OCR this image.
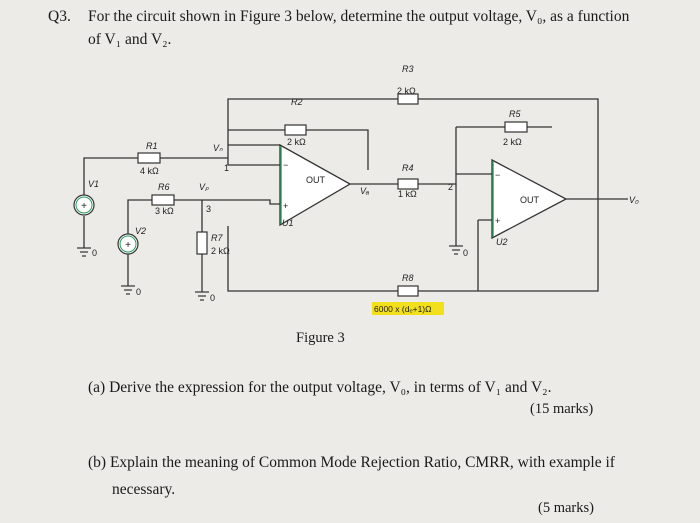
Q3. For the circuit shown in Figure 3 below, determine the output voltage, V₀, as a function
of V₁ and V₂.
+
+
R1
4 kΩ
R2
2 kΩ
R3
2 kΩ
R4
1 kΩ
R5
2 kΩ
R6
3 kΩ
R7
2 kΩ
R8
6000 x (dₑ+1)Ω
V1
V2
Vₙ
Vₚ	Vₐ
V₀
1
2
3
0
0
0
0
U1
U2
OUT
OUT
+
−
+
−
Figure 3
(a) Derive the expression for the output voltage, V₀, in terms of V₁ and V₂.
(15 marks)
(b) Explain the meaning of Common Mode Rejection Ratio, CMRR, with example if
necessary.
(5 marks)
